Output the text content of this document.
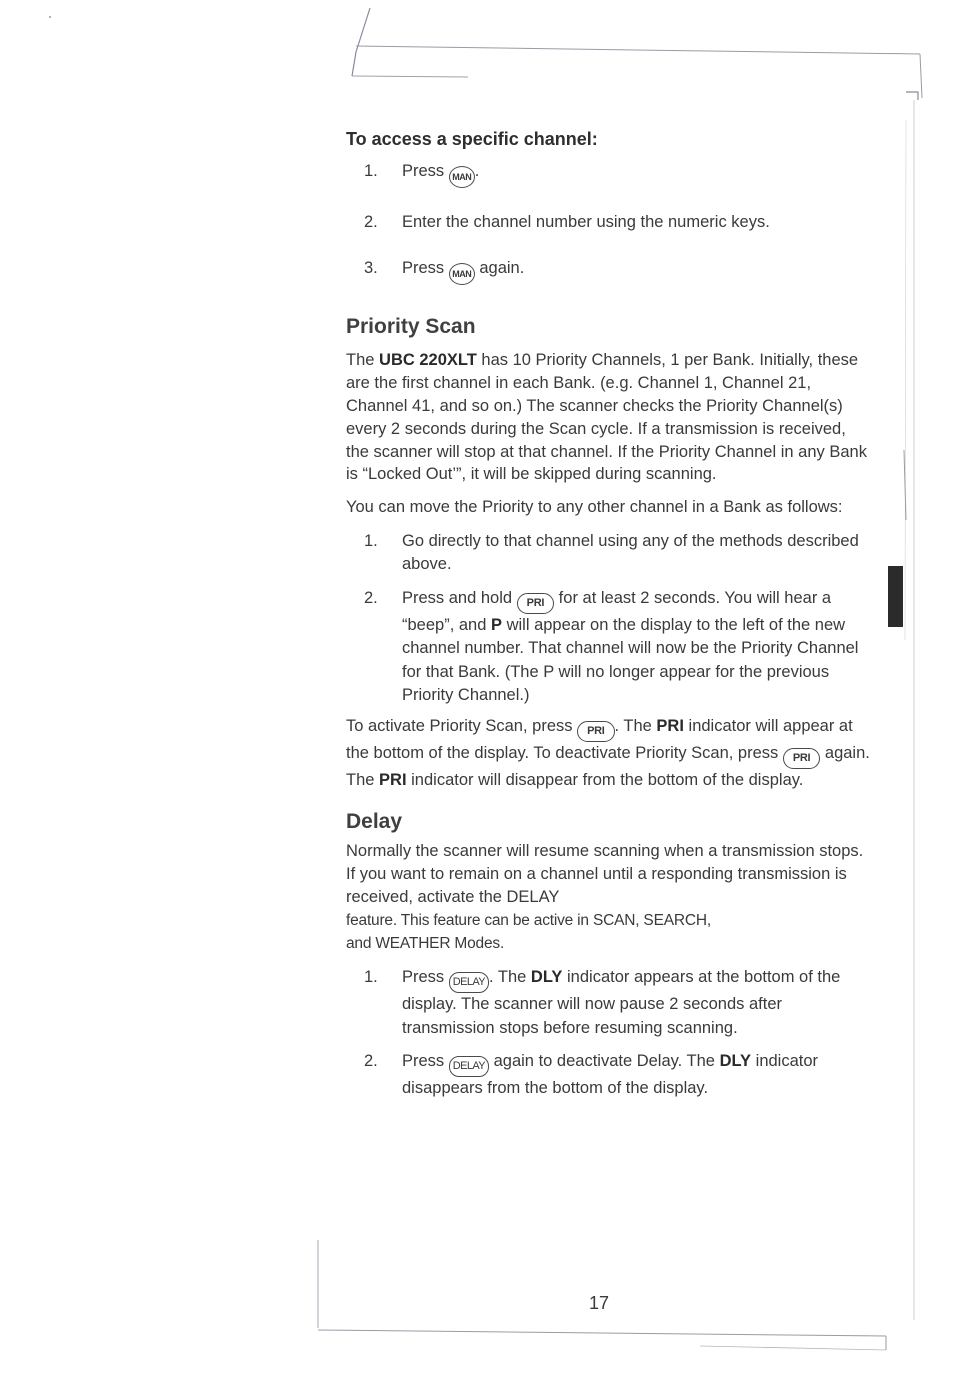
To access a specific channel:

1. Press MAN .
2. Enter the channel number using the numeric keys.
3. Press MAN again.

Priority Scan

The UBC 220XLT has 10 Priority Channels, 1 per Bank. Initially, these are the first channel in each Bank. (e.g. Channel 1, Channel 21, Channel 41, and so on.) The scanner checks the Priority Channel(s) every 2 seconds during the Scan cycle. If a transmission is received, the scanner will stop at that channel. If the Priority Channel in any Bank is “Locked Out’”, it will be skipped during scanning.

You can move the Priority to any other channel in a Bank as follows:

1. Go directly to that channel using any of the methods described above.
2. Press and hold PRI for at least 2 seconds. You will hear a “beep”, and P will appear on the display to the left of the new channel number. That channel will now be the Priority Channel for that Bank. (The P will no longer appear for the previous Priority Channel.)

To activate Priority Scan, press PRI . The PRI indicator will appear at the bottom of the display. To deactivate Priority Scan, press PRI again. The PRI indicator will disappear from the bottom of the display.

Delay

Normally the scanner will resume scanning when a transmission stops. If you want to remain on a channel until a responding transmission is received, activate the DELAY
feature. This feature can be active in SCAN, SEARCH,
and WEATHER Modes.

1. Press DELAY . The DLY indicator appears at the bottom of the display. The scanner will now pause 2 seconds after transmission stops before resuming scanning.
2. Press DELAY again to deactivate Delay. The DLY indicator disappears from the bottom of the display.
17
